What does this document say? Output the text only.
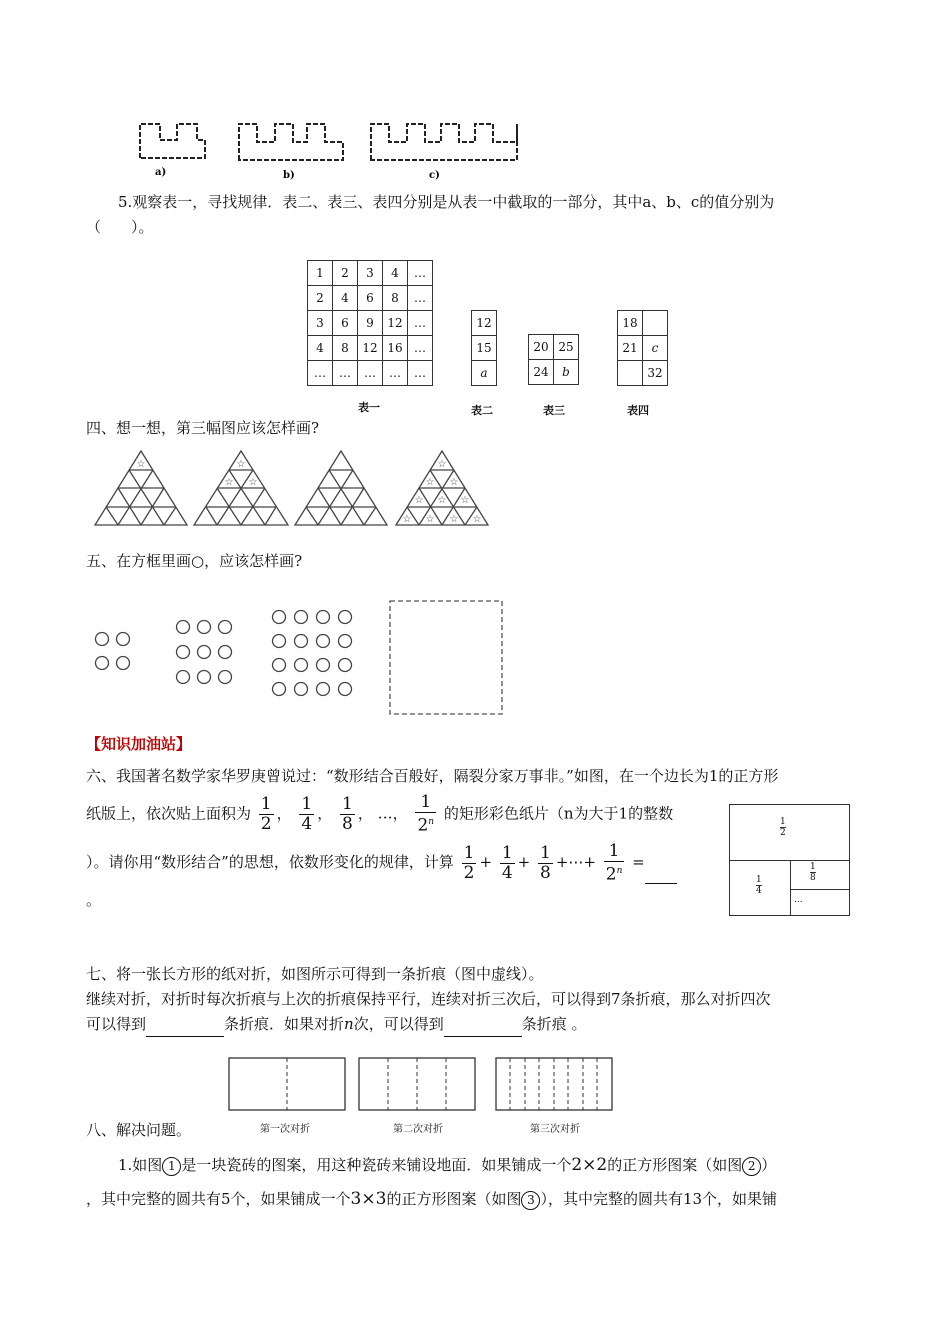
a)	b)	c)
5.观察表一，寻找规律．表二、表三、表四分别是从表一中截取的一部分，其中a、b、c的值分别为
（　　）。
1	2	3	4	…
2	4	6	8	…
3	6	9	12	…
4	8	12	16	…
…	…	…	…	…
12
15
a
20	25
24	b
18	
21	c
	32
表一	表二	表三	表四
四、想一想，第三幅图应该怎样画?
☆	☆
☆ ☆
☆
☆ ☆
☆ ☆ ☆
☆ ☆ ☆ ☆
五、在方框里画○，应该怎样画?
【知识加油站】
六、我国著名数学家华罗庚曾说过：“数形结合百般好，隔裂分家万事非。”如图，在一个边长为1的正方形
纸版上，依次贴上面积为 $\frac{1}{2}$ ， $\frac{1}{4}$ ， $\frac{1}{8}$ ， …， $\frac{1}{2^n}$ 的矩形彩色纸片（n为大于1的整数
）。请你用“数形结合”的思想，依数形变化的规律，计算 $\frac{1}{2} + \frac{1}{4} + \frac{1}{8}$ +⋯+ $\frac{1}{2^n}$ =
。
1
2
1
4
1
8
...
七、将一张长方形的纸对折，如图所示可得到一条折痕（图中虚线）。
继续对折，对折时每次折痕与上次的折痕保持平行，连续对折三次后，可以得到7条折痕，那么对折四次
可以得到	条折痕．如果对折n次，可以得到	条折痕 。
第一次对折	第二次对折	第三次对折
八、解决问题。
1.如图 1 是一块瓷砖的图案，用这种瓷砖来铺设地面．如果铺成一个2×2的正方形图案（如图 2 ）
，其中完整的圆共有5个，如果铺成一个3×3的正方形图案（如图 3 ），其中完整的圆共有13个，如果铺
